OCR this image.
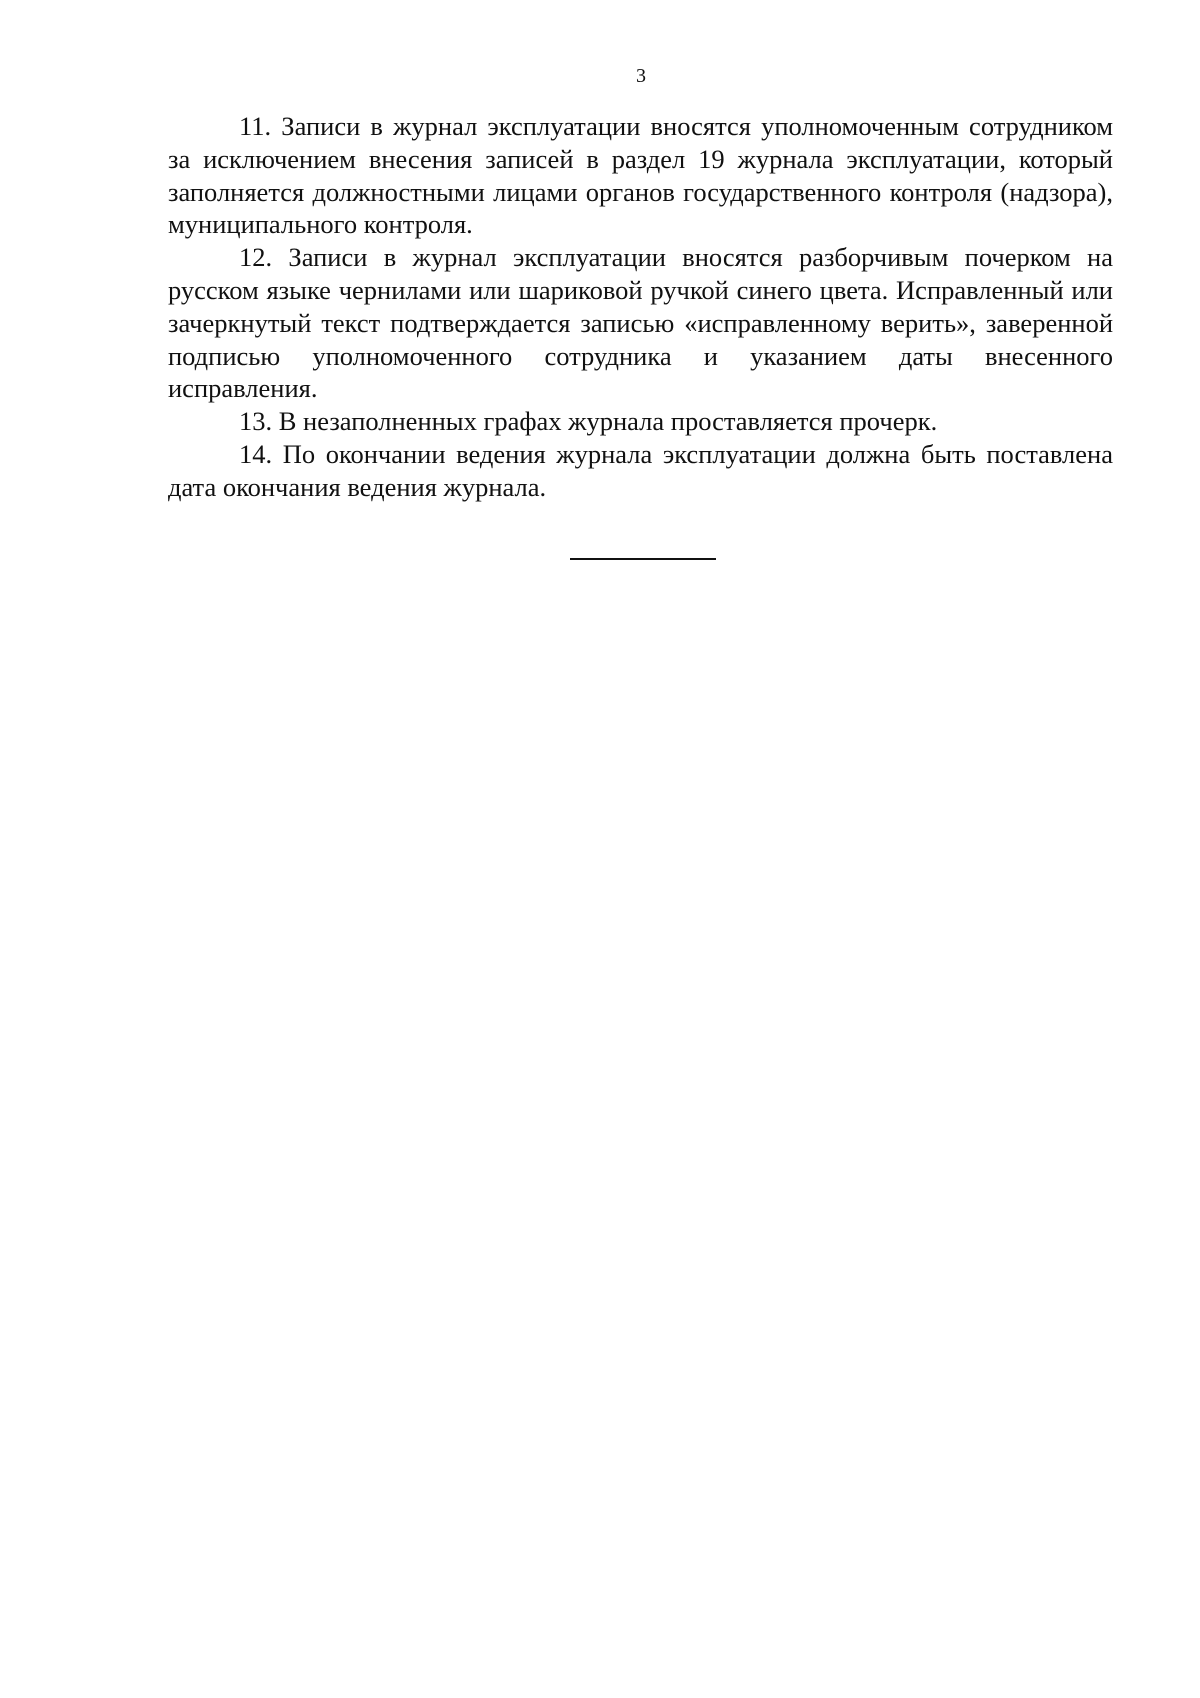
3

11. Записи в журнал эксплуатации вносятся уполномоченным сотрудником за исключением внесения записей в раздел 19 журнала эксплуатации, который заполняется должностными лицами органов государственного контроля (надзора), муниципального контроля.

12. Записи в журнал эксплуатации вносятся разборчивым почерком на русском языке чернилами или шариковой ручкой синего цвета. Исправленный или зачеркнутый текст подтверждается записью «исправленному верить», заверенной подписью уполномоченного сотрудника и указанием даты внесенного исправления.

13. В незаполненных графах журнала проставляется прочерк.

14. По окончании ведения журнала эксплуатации должна быть поставлена дата окончания ведения журнала.
